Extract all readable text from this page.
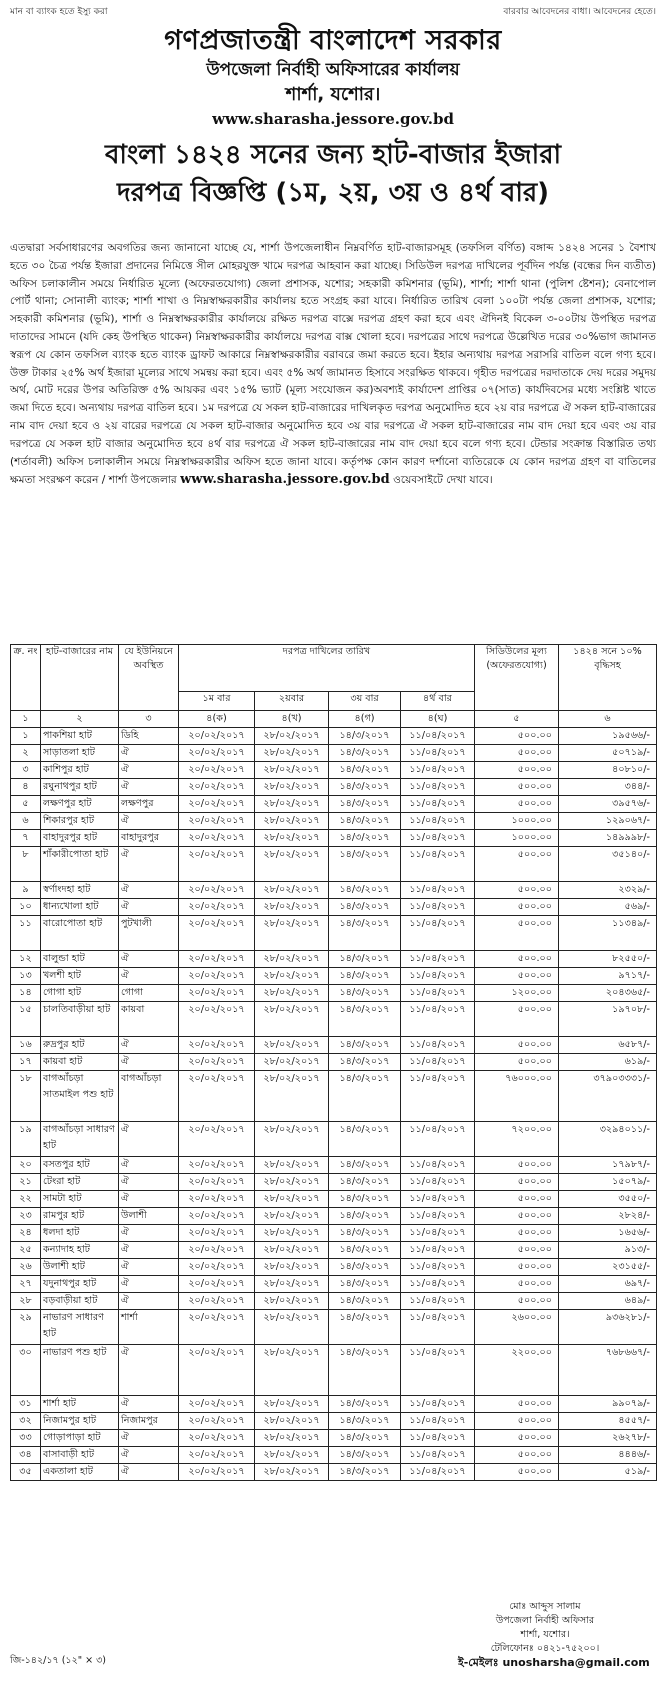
মান বা ব্যাংক হতে ইস্যু করা	বারবার আবেদনের বাধা। আবেদনের হেতে।
গণপ্রজাতন্ত্রী বাংলাদেশ সরকার
উপজেলা নির্বাহী অফিসারের কার্যালয়
শার্শা, যশোর।
www.sharasha.jessore.gov.bd
বাংলা ১৪২৪ সনের জন্য হাট-বাজার ইজারা
দরপত্র বিজ্ঞপ্তি (১ম, ২য়, ৩য় ও ৪র্থ বার)
এতদ্বারা সর্বসাধারণের অবগতির জন্য জানানো যাচ্ছে যে, শার্শা উপজেলাধীন নিম্নবর্ণিত হাট-বাজারসমূহ (তফসিল বর্ণিত) বঙ্গাব্দ ১৪২৪ সনের ১ বৈশাখ হতে ৩০ চৈত্র পর্যন্ত ইজারা প্রদানের নিমিত্তে সীল মোহরযুক্ত খামে দরপত্র আহবান করা যাচ্ছে। সিডিউল দরপত্র দাখিলের পূর্বদিন পর্যন্ত (বন্ধের দিন ব্যতীত) অফিস চলাকালীন সময়ে নির্ধারিত মূল্যে (অফেরতযোগ্য) জেলা প্রশাসক, যশোর; সহকারী কমিশনার (ভূমি), শার্শা; শার্শা থানা (পুলিশ ষ্টেশন); বেনাপোল পোর্ট থানা; সোনালী ব্যাংক; শার্শা শাখা ও নিম্নস্বাক্ষরকারীর কার্যালয় হতে সংগ্রহ করা যাবে। নির্ধারিত তারিখ বেলা ১০০টা পর্যন্ত জেলা প্রশাসক, যশোর; সহকারী কমিশনার (ভূমি), শার্শা ও নিম্নস্বাক্ষরকারীর কার্যালয়ে রক্ষিত দরপত্র বাক্সে দরপত্র গ্রহণ করা হবে এবং ঐদিনই বিকেল ৩-০০টায় উপস্থিত দরপত্র দাতাদের সামনে (যদি কেহ উপস্থিত থাকেন) নিম্নস্বাক্ষরকারীর কার্যালয়ে দরপত্র বাক্স খোলা হবে। দরপত্রের সাথে দরপত্রে উল্লেখিত দরের ৩০%ভাগ জামানত স্বরূপ যে কোন তফসিল ব্যাংক হতে ব্যাংক ড্রাফট আকারে নিম্নস্বাক্ষরকারীর বরাবরে জমা করতে হবে। ইহার অন্যথায় দরপত্র সরাসরি বাতিল বলে গণ্য হবে। উক্ত টাকার ২৫% অর্থ ইজারা মূল্যের সাথে সমন্বয় করা হবে। এবং ৫% অর্থ জামানত হিসাবে সংরক্ষিত থাকবে। গৃহীত দরপত্রের দরদাতাকে দেয় দরের সমুদয় অর্থ, মোট দরের উপর অতিরিক্ত ৫% আয়কর এবং ১৫% ভ্যাট (মূল্য সংযোজন কর)অবশ্যই কার্যাদেশ প্রাপ্তির ০৭(সাত) কার্যদিবসের মধ্যে সংশ্লিষ্ট খাতে জমা দিতে হবে। অন্যথায় দরপত্র বাতিল হবে। ১ম দরপত্রে যে সকল হাট-বাজারের দাখিলকৃত দরপত্র অনুমোদিত হবে ২য় বার দরপত্রে ঐ সকল হাট-বাজারের নাম বাদ দেয়া হবে ও ২য় বারের দরপত্রে যে সকল হাট-বাজার অনুমোদিত হবে ৩য় বার দরপত্রে ঐ সকল হাট-বাজারের নাম বাদ দেয়া হবে এবং ৩য় বার দরপত্রে যে সকল হাট বাজার অনুমোদিত হবে ৪র্থ বার দরপত্রে ঐ সকল হাট-বাজারের নাম বাদ দেয়া হবে বলে গণ্য হবে। টেন্ডার সংক্রান্ত বিস্তারিত তথ্য (শর্তাবলী) অফিস চলাকালীন সময়ে নিম্নস্বাক্ষরকারীর অফিস হতে জানা যাবে। কর্তৃপক্ষ কোন কারণ দর্শানো ব্যতিরেকে যে কোন দরপত্র গ্রহণ বা বাতিলের ক্ষমতা সংরক্ষণ করেন / শার্শা উপজেলার www.sharasha.jessore.gov.bd ওয়েবসাইটে দেখা যাবে।
ক্র. নং	হাট-বাজারের নাম	যে ইউনিয়নে অবস্থিত	দরপত্র দাখিলের তারিখ				সিডিউলের মূল্য (অফেরতযোগ্য)	১৪২৪ সনে ১০% বৃদ্ধিসহ
			১ম বার	২য়বার	৩য় বার	৪র্থ বার		
১	২	৩	৪(ক)	৪(খ)	৪(গ)	৪(ঘ)	৫	৬
১	পাকশিয়া হাট	ডিহি	২০/০২/২০১৭	২৮/০২/২০১৭	১৪/৩/২০১৭	১১/০৪/২০১৭	৫০০.০০	১৯৫৬৬/-
২	সাড়াতলা হাট	ঐ	২০/০২/২০১৭	২৮/০২/২০১৭	১৪/৩/২০১৭	১১/০৪/২০১৭	৫০০.০০	৫০৭১৯/-
৩	কাশিপুর হাট	ঐ	২০/০২/২০১৭	২৮/০২/২০১৭	১৪/৩/২০১৭	১১/০৪/২০১৭	৫০০.০০	৪০৮১০/-
৪	রঘুনাথপুর হাট	ঐ	২০/০২/২০১৭	২৮/০২/২০১৭	১৪/৩/২০১৭	১১/০৪/২০১৭	৫০০.০০	৩৪৪/-
৫	লক্ষণপুর হাট	লক্ষণপুর	২০/০২/২০১৭	২৮/০২/২০১৭	১৪/৩/২০১৭	১১/০৪/২০১৭	৫০০.০০	৩৯৫৭৬/-
৬	শিকারপুর হাট	ঐ	২০/০২/২০১৭	২৮/০২/২০১৭	১৪/৩/২০১৭	১১/০৪/২০১৭	১০০০.০০	১২৯০৬৭/-
৭	বাহাদুরপুর হাট	বাহাদুরপুর	২০/০২/২০১৭	২৮/০২/২০১৭	১৪/৩/২০১৭	১১/০৪/২০১৭	১০০০.০০	১৪৯৯৯৮/-
৮	শাঁকারীপোতা হাট	ঐ	২০/০২/২০১৭	২৮/০২/২০১৭	১৪/৩/২০১৭	১১/০৪/২০১৭	৫০০.০০	৩৫১৪০/-
৯	স্বর্ণাংদহা হাট	ঐ	২০/০২/২০১৭	২৮/০২/২০১৭	১৪/৩/২০১৭	১১/০৪/২০১৭	৫০০.০০	২৩২৯/-
১০	ধান্যখোলা হাট	ঐ	২০/০২/২০১৭	২৮/০২/২০১৭	১৪/৩/২০১৭	১১/০৪/২০১৭	৫০০.০০	৫৬৯/-
১১	বারোপোতা হাট	পুটখালী	২০/০২/২০১৭	২৮/০২/২০১৭	১৪/৩/২০১৭	১১/০৪/২০১৭	৫০০.০০	১১৩৪৯/-
১২	বালুন্ডা হাট	ঐ	২০/০২/২০১৭	২৮/০২/২০১৭	১৪/৩/২০১৭	১১/০৪/২০১৭	৫০০.০০	৮২৫৫০/-
১৩	খলশী হাট	ঐ	২০/০২/২০১৭	২৮/০২/২০১৭	১৪/৩/২০১৭	১১/০৪/২০১৭	৫০০.০০	৯৭১৭/-
১৪	গোগা হাট	গোগা	২০/০২/২০১৭	২৮/০২/২০১৭	১৪/৩/২০১৭	১১/০৪/২০১৭	১২০০.০০	২০৪৩৬৫/-
১৫	চালতিবাড়ীয়া হাট	কায়বা	২০/০২/২০১৭	২৮/০২/২০১৭	১৪/৩/২০১৭	১১/০৪/২০১৭	৫০০.০০	১৯৭০৮/-
১৬	রুদ্রপুর হাট	ঐ	২০/০২/২০১৭	২৮/০২/২০১৭	১৪/৩/২০১৭	১১/০৪/২০১৭	৫০০.০০	৬৫৮৭/-
১৭	কায়বা হাট	ঐ	২০/০২/২০১৭	২৮/০২/২০১৭	১৪/৩/২০১৭	১১/০৪/২০১৭	৫০০.০০	৬১৯/-
১৮	বাগআঁচড়া সাতমাইল পশু হাট	বাগআঁচড়া	২০/০২/২০১৭	২৮/০২/২০১৭	১৪/৩/২০১৭	১১/০৪/২০১৭	৭৬০০০.০০	৩৭৯০৩৩৩১/-
১৯	বাগআঁচড়া সাধারণ হাট	ঐ	২০/০২/২০১৭	২৮/০২/২০১৭	১৪/৩/২০১৭	১১/০৪/২০১৭	৭২০০.০০	৩২৯৪০১১/-
২০	বসতপুর হাট	ঐ	২০/০২/২০১৭	২৮/০২/২০১৭	১৪/৩/২০১৭	১১/০৪/২০১৭	৫০০.০০	১৭৯৮৭/-
২১	টেংরা হাট	ঐ	২০/০২/২০১৭	২৮/০২/২০১৭	১৪/৩/২০১৭	১১/০৪/২০১৭	৫০০.০০	১৫০৭৯/-
২২	সামটা হাট	ঐ	২০/০২/২০১৭	২৮/০২/২০১৭	১৪/৩/২০১৭	১১/০৪/২০১৭	৫০০.০০	৩৫৫০/-
২৩	রামপুর হাট	উলাশী	২০/০২/২০১৭	২৮/০২/২০১৭	১৪/৩/২০১৭	১১/০৪/২০১৭	৫০০.০০	২৮২৪/-
২৪	ধলদা হাট	ঐ	২০/০২/২০১৭	২৮/০২/২০১৭	১৪/৩/২০১৭	১১/০৪/২০১৭	৫০০.০০	১৬৫৬/-
২৫	কন্যাদাহ হাট	ঐ	২০/০২/২০১৭	২৮/০২/২০১৭	১৪/৩/২০১৭	১১/০৪/২০১৭	৫০০.০০	৯১৩/-
২৬	উলাশী হাট	ঐ	২০/০২/২০১৭	২৮/০২/২০১৭	১৪/৩/২০১৭	১১/০৪/২০১৭	৫০০.০০	২৩১৫৫/-
২৭	যদুনাথপুর হাট	ঐ	২০/০২/২০১৭	২৮/০২/২০১৭	১৪/৩/২০১৭	১১/০৪/২০১৭	৫০০.০০	৬৯৭/-
২৮	বড়বাড়ীয়া হাট	ঐ	২০/০২/২০১৭	২৮/০২/২০১৭	১৪/৩/২০১৭	১১/০৪/২০১৭	৫০০.০০	৬৪৯/-
২৯	নাভারণ সাধারণ হাট	শার্শা	২০/০২/২০১৭	২৮/০২/২০১৭	১৪/৩/২০১৭	১১/০৪/২০১৭	২৬০০.০০	৯৩৬২৮১/-
৩০	নাভারণ পশু হাট	ঐ	২০/০২/২০১৭	২৮/০২/২০১৭	১৪/৩/২০১৭	১১/০৪/২০১৭	২২০০.০০	৭৬৮৬৬৭/-
৩১	শার্শা হাট	ঐ	২০/০২/২০১৭	২৮/০২/২০১৭	১৪/৩/২০১৭	১১/০৪/২০১৭	৫০০.০০	৯৯০৭৯/-
৩২	নিজামপুর হাট	নিজামপুর	২০/০২/২০১৭	২৮/০২/২০১৭	১৪/৩/২০১৭	১১/০৪/২০১৭	৫০০.০০	৪৫৫৭/-
৩৩	গোড়াপাড়া হাট	ঐ	২০/০২/২০১৭	২৮/০২/২০১৭	১৪/৩/২০১৭	১১/০৪/২০১৭	৫০০.০০	২৬২৭৮/-
৩৪	বাসাবাড়ী হাট	ঐ	২০/০২/২০১৭	২৮/০২/২০১৭	১৪/৩/২০১৭	১১/০৪/২০১৭	৫০০.০০	৪৪৪৬/-
৩৫	একতালা হাট	ঐ	২০/০২/২০১৭	২৮/০২/২০১৭	১৪/৩/২০১৭	১১/০৪/২০১৭	৫০০.০০	৫১৯/-
মোঃ আব্দুস সালাম
উপজেলা নির্বাহী অফিসার
শার্শা, যশোর।
টেলিফোনঃ ০৪২১-৭৫২০০।
ই-মেইলঃ unosharsha@gmail.com
জি-১৪২/১৭ (১২" × ৩)
